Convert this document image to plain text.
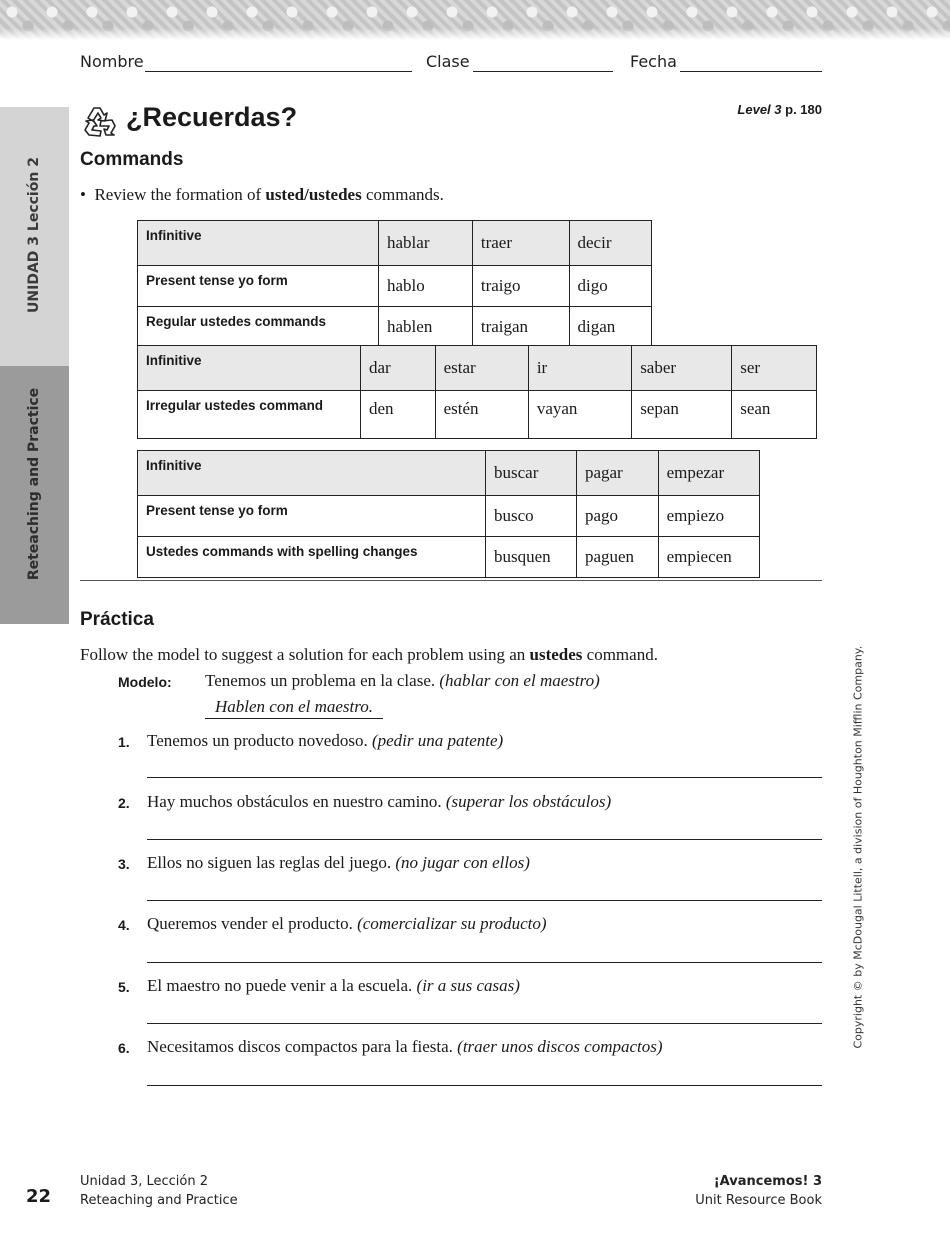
Nombre	Clase	Fecha
UNIDAD 3 Lección 2
Reteaching and Practice
¿Recuerdas?	Level 3 p. 180
Commands
•  Review the formation of usted/ustedes commands.
Infinitive	hablar	traer	decir
Present tense yo form	hablo	traigo	digo
Regular ustedes commands	hablen	traigan	digan
Infinitive	dar	estar	ir	saber	ser
Irregular ustedes command	den	estén	vayan	sepan	sean
Infinitive	buscar	pagar	empezar
Present tense yo form	busco	pago	empiezo
Ustedes commands with spelling changes	busquen	paguen	empiecen
Práctica
Follow the model to suggest a solution for each problem using an ustedes command.
Modelo: Tenemos un problema en la clase. (hablar con el maestro)
Hablen con el maestro.
1. Tenemos un producto novedoso. (pedir una patente)
2. Hay muchos obstáculos en nuestro camino. (superar los obstáculos)
3. Ellos no siguen las reglas del juego. (no jugar con ellos)
4. Queremos vender el producto. (comercializar su producto)
5. El maestro no puede venir a la escuela. (ir a sus casas)
6. Necesitamos discos compactos para la fiesta. (traer unos discos compactos)	Copyright © by McDougal Littell, a division of Houghton Mifflin Company.
22
Unidad 3, Lección 2
Reteaching and Practice
¡Avancemos! 3
Unit Resource Book
